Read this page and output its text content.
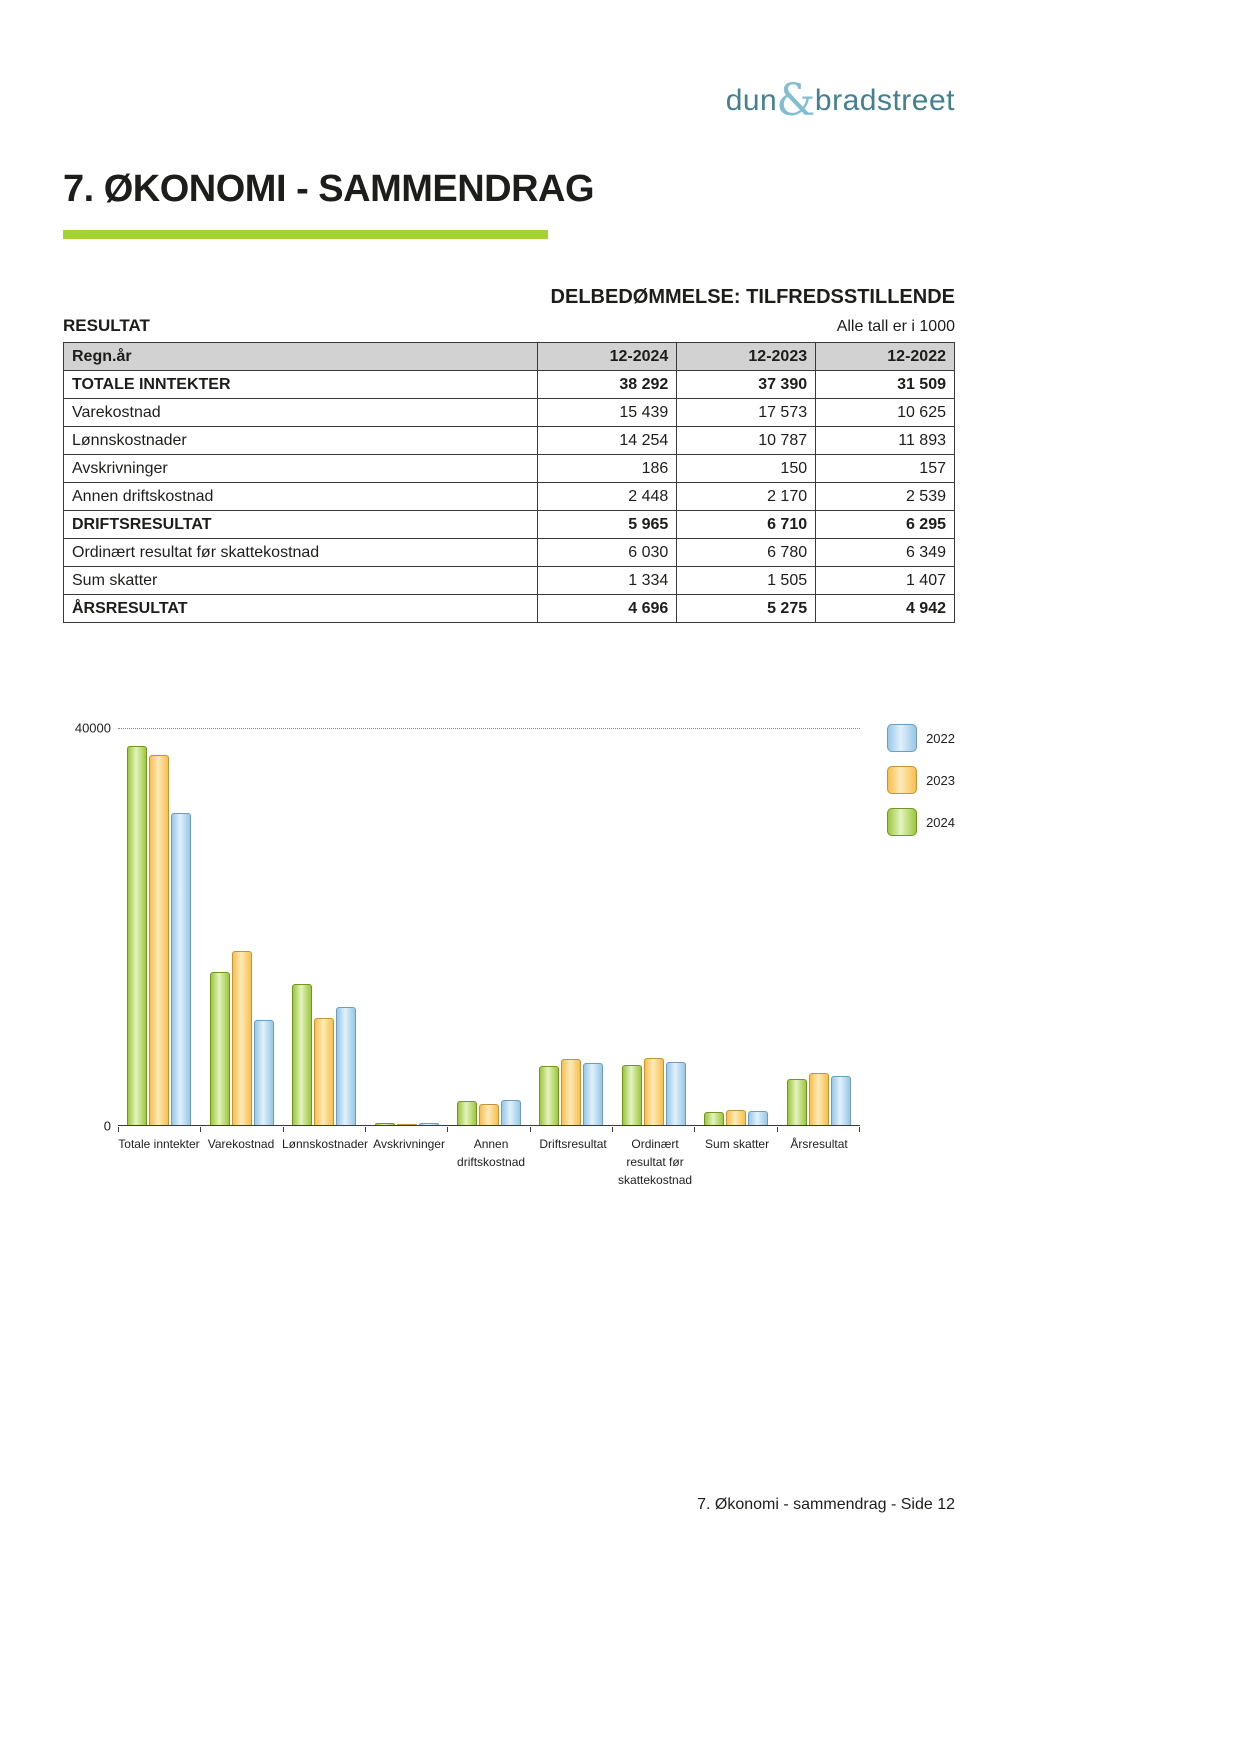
dun&bradstreet
7. ØKONOMI - SAMMENDRAG
DELBEDØMMELSE: TILFREDSSTILLENDE
RESULTAT	Alle tall er i 1000
Regn.år	12-2024	12-2023	12-2022
TOTALE INNTEKTER	38 292	37 390	31 509
Varekostnad	15 439	17 573	10 625
Lønnskostnader	14 254	10 787	11 893
Avskrivninger	186	150	157
Annen driftskostnad	2 448	2 170	2 539
DRIFTSRESULTAT	5 965	6 710	6 295
Ordinært resultat før skattekostnad	6 030	6 780	6 349
Sum skatter	1 334	1 505	1 407
ÅRSRESULTAT	4 696	5 275	4 942
40000
0
Totale inntekter Varekostnad Lønnskostnader Avskrivninger	Annen driftskostnad
Driftsresultat	Ordinært resultat før skattekostnad
Sum skatter Årsresultat
2022
2023
2024
7. Økonomi - sammendrag - Side 12
